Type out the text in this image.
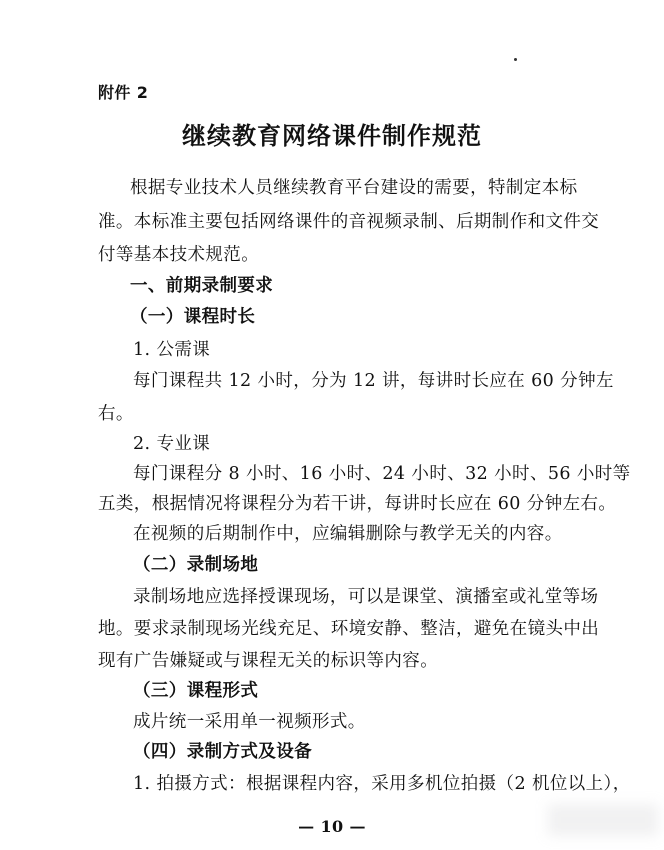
附件 2
继续教育网络课件制作规范
根据专业技术人员继续教育平台建设的需要，特制定本标
准。本标准主要包括网络课件的音视频录制、后期制作和文件交
付等基本技术规范。
一、前期录制要求
（一）课程时长
1. 公需课
每门课程共 12 小时，分为 12 讲，每讲时长应在 60 分钟左
右。
2. 专业课
每门课程分 8 小时、16 小时、24 小时、32 小时、56 小时等
五类，根据情况将课程分为若干讲，每讲时长应在 60 分钟左右。
在视频的后期制作中，应编辑删除与教学无关的内容。
（二）录制场地
录制场地应选择授课现场，可以是课堂、演播室或礼堂等场
地。要求录制现场光线充足、环境安静、整洁，避免在镜头中出
现有广告嫌疑或与课程无关的标识等内容。
（三）课程形式
成片统一采用单一视频形式。
（四）录制方式及设备
1. 拍摄方式：根据课程内容，采用多机位拍摄（2 机位以上），
— 10 —
